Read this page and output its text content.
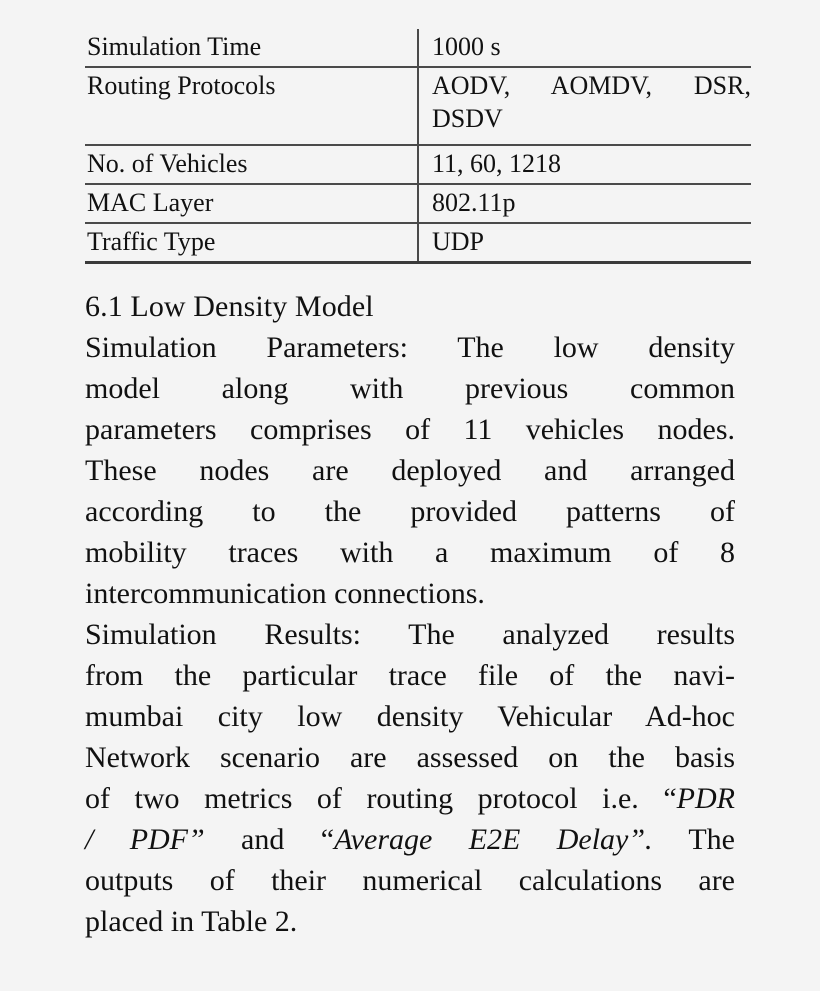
Simulation Time	1000 s
Routing Protocols	AODV, AOMDV, DSR,
DSDV
No. of Vehicles	11, 60, 1218
MAC Layer	802.11p
Traffic Type	UDP
6.1 Low Density Model

Simulation Parameters: The low density
model along with previous common
parameters comprises of 11 vehicles nodes.
These nodes are deployed and arranged
according to the provided patterns of
mobility traces with a maximum of 8
intercommunication connections.

Simulation Results: The analyzed results
from the particular trace file of the navi-
mumbai city low density Vehicular Ad-hoc
Network scenario are assessed on the basis
of two metrics of routing protocol i.e. “PDR
/ PDF” and “Average E2E Delay”. The
outputs of their numerical calculations are
placed in Table 2.
